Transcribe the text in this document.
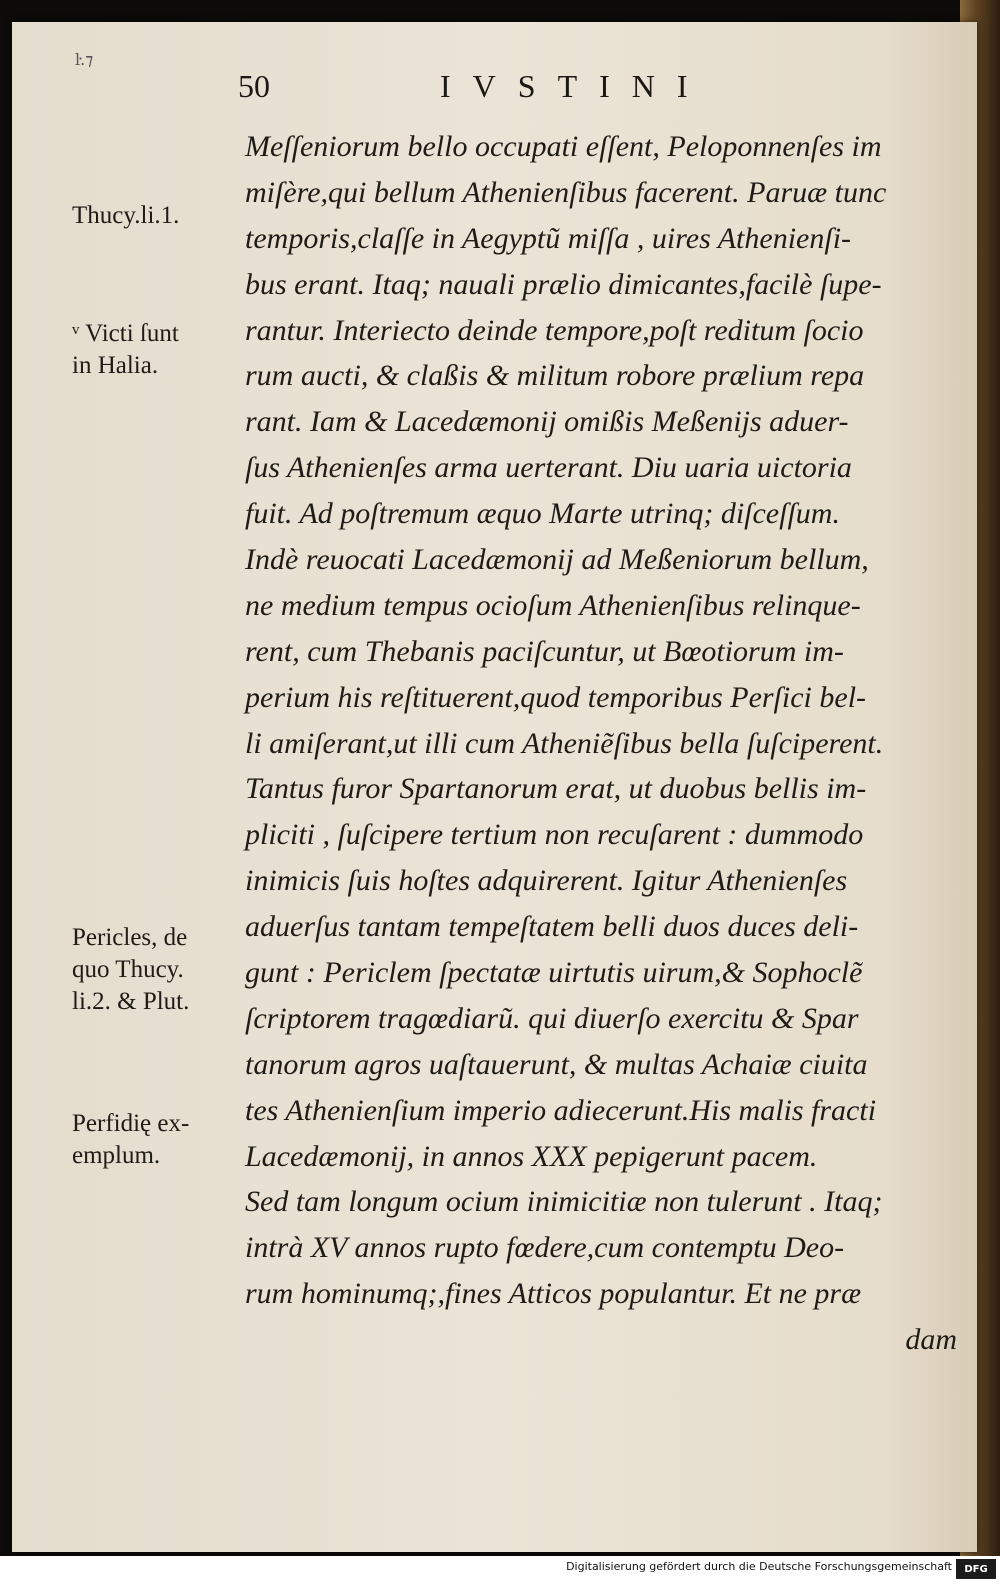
ŀ.⁊
50	IVSTINI
Meſſeniorum bello occupati eſſent, Peloponnenſes im
miſère,qui bellum Athenienſibus facerent. Paruæ tunc
temporis,claſſe in Aegyptũ miſſa , uires Athenienſi-
bus erant. Itaq; nauali prælio dimicantes,facilè ſupe-
rantur. Interiecto deinde tempore,poſt reditum ſocio
rum aucti, & claßis & militum robore prælium repa
rant. Iam & Lacedæmonij omißis Meßenijs aduer-
ſus Athenienſes arma uerterant. Diu uaria uictoria
fuit. Ad poſtremum æquo Marte utrinq; diſceſſum.
Indè reuocati Lacedæmonij ad Meßeniorum bellum,
ne medium tempus ocioſum Athenienſibus relinque-
rent, cum Thebanis paciſcuntur, ut Bœotiorum im-
perium his reſtituerent,quod temporibus Perſici bel-
li amiſerant,ut illi cum Atheniẽſibus bella ſuſciperent.
Tantus furor Spartanorum erat, ut duobus bellis im-
pliciti , ſuſcipere tertium non recuſarent : dummodo
inimicis ſuis hoſtes adquirerent. Igitur Athenienſes
aduerſus tantam tempeſtatem belli duos duces deli-
gunt : Periclem ſpectatæ uirtutis uirum,& Sophoclẽ
ſcriptorem tragœdiarũ. qui diuerſo exercitu & Spar
tanorum agros uaſtauerunt, & multas Achaiæ ciuita
tes Athenienſium imperio adiecerunt.His malis fracti
Lacedæmonij, in annos XXX pepigerunt pacem.
Sed tam longum ocium inimicitiæ non tulerunt . Itaq;
intrà XV annos rupto fœdere,cum contemptu Deo-
rum hominumq;,fines Atticos populantur. Et ne præ
dam
Thucy.li.1.
ᵛ Victi ſunt
in Halia.
Pericles, de
quo Thucy.
li.2. & Plut.
Perfidię ex-
emplum.
Digitalisierung gefördert durch die Deutsche Forschungsgemeinschaft	DFG
